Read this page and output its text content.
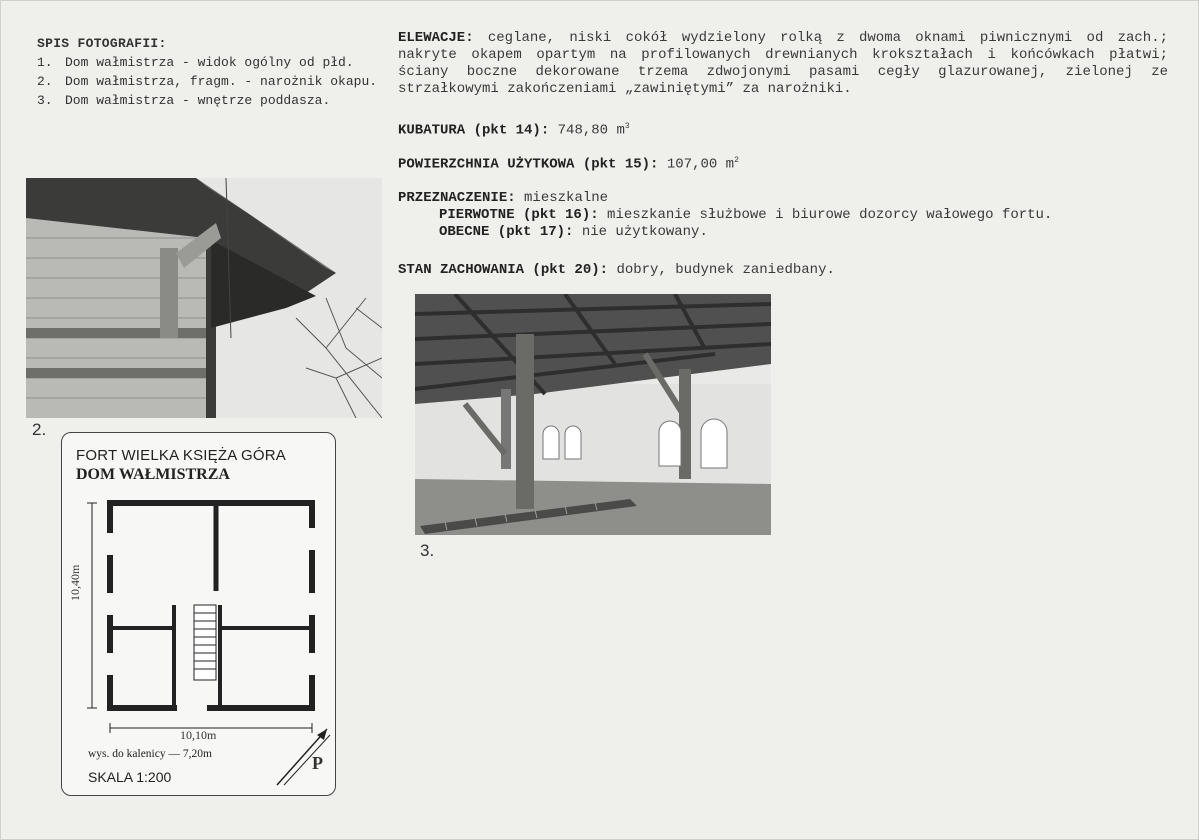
SPIS FOTOGRAFII:
1. Dom wałmistrza - widok ogólny od płd.
2. Dom wałmistrza, fragm. - narożnik okapu.
3. Dom wałmistrza - wnętrze poddasza.
2.
3.
FORT WIELKA KSIĘŻA GÓRA
DOM WAŁMISTRZA
10,40m
10,10m
wys. do kalenicy — 7,20m
SKALA 1:200
P

ELEWACJE: ceglane, niski cokół wydzielony rolką z dwoma oknami piwnicznymi od zach.; nakryte okapem opartym na profilowanych drewnianych krokształach i końcówkach płatwi; ściany boczne dekorowane trzema zdwojonymi pasami cegły glazurowanej, zielonej ze strzałkowymi zakończeniami „zawiniętymi” za narożniki.

KUBATURA (pkt 14): 748,80 $m^3$
POWIERZCHNIA UŻYTKOWA (pkt 15): 107,00 $m^2$
PRZEZNACZENIE: mieszkalne
PIERWOTNE (pkt 16): mieszkanie służbowe i biurowe dozorcy wałowego fortu.
OBECNE (pkt 17): nie użytkowany.
STAN ZACHOWANIA (pkt 20): dobry, budynek zaniedbany.
